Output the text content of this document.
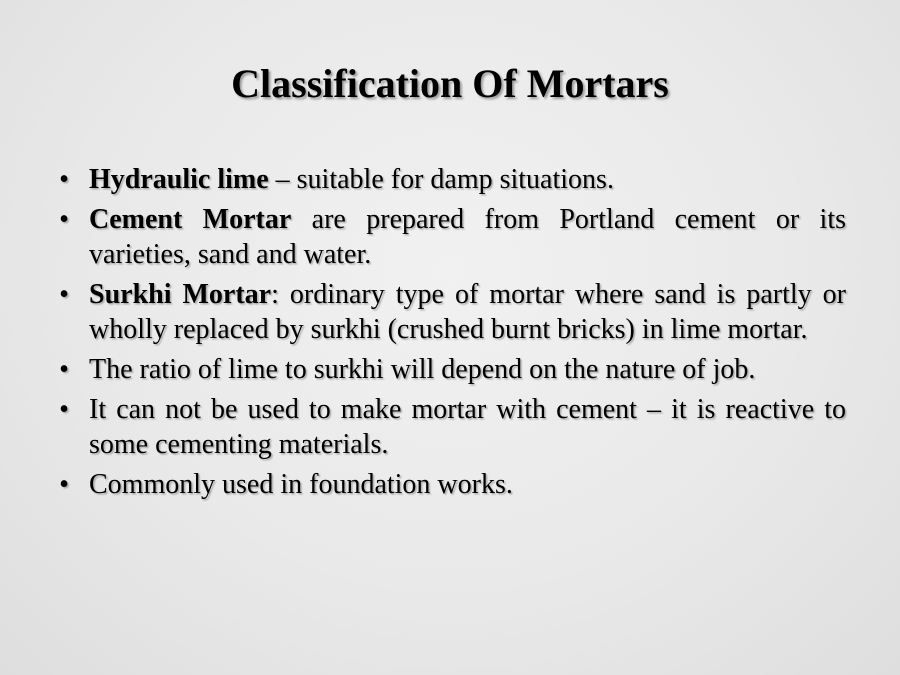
Classification Of Mortars
• Hydraulic lime – suitable for damp situations.
• Cement Mortar are prepared from Portland cement or its varieties, sand and water.
• Surkhi Mortar: ordinary type of mortar where sand is partly or wholly replaced by surkhi (crushed burnt bricks) in lime mortar.
• The ratio of lime to surkhi will depend on the nature of job.
• It can not be used to make mortar with cement – it is reactive to some cementing materials.
• Commonly used in foundation works.
